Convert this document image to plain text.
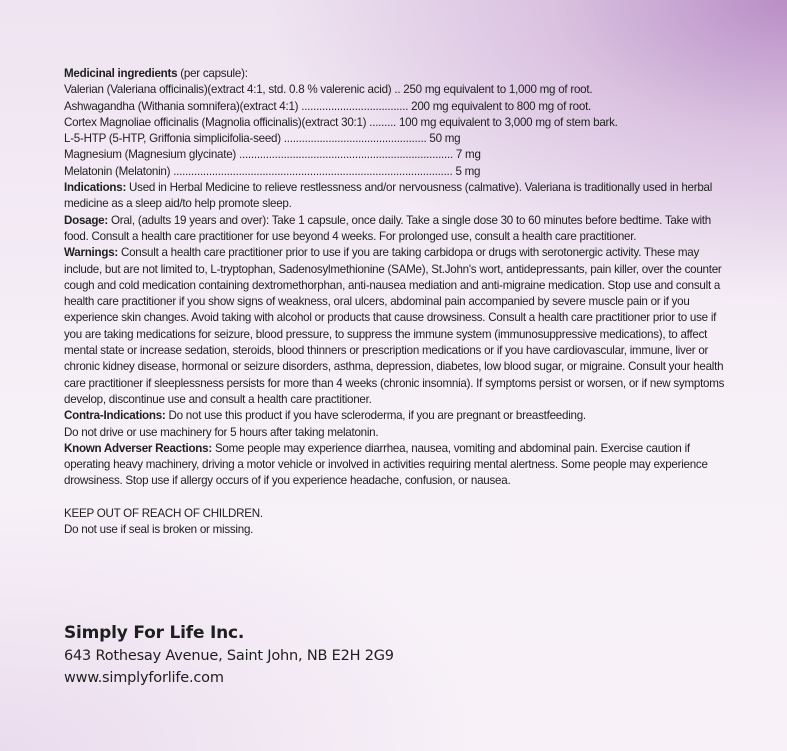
Medicinal ingredients (per capsule):
Valerian (Valeriana officinalis)(extract 4:1, std. 0.8 % valerenic acid) .. 250 mg equivalent to 1,000 mg of root.
Ashwagandha (Withania somnifera)(extract 4:1) .................................... 200 mg equivalent to 800 mg of root.
Cortex Magnoliae officinalis (Magnolia officinalis)(extract 30:1) ......... 100 mg equivalent to 3,000 mg of stem bark.
L-5-HTP (5-HTP, Griffonia simplicifolia-seed) ................................................ 50 mg
Magnesium (Magnesium glycinate) ........................................................................ 7 mg
Melatonin (Melatonin) .............................................................................................. 5 mg

Indications: Used in Herbal Medicine to relieve restlessness and/or nervousness (calmative). Valeriana is traditionally used in herbal medicine as a sleep aid/to help promote sleep.

Dosage: Oral, (adults 19 years and over): Take 1 capsule, once daily. Take a single dose 30 to 60 minutes before bedtime. Take with food. Consult a health care practitioner for use beyond 4 weeks. For prolonged use, consult a health care practitioner.

Warnings: Consult a health care practitioner prior to use if you are taking carbidopa or drugs with serotonergic activity. These may include, but are not limited to, L-tryptophan, Sadenosylmethionine (SAMe), St.John's wort, antidepressants, pain killer, over the counter cough and cold medication containing dextromethorphan, anti-nausea mediation and anti-migraine medication. Stop use and consult a health care practitioner if you show signs of weakness, oral ulcers, abdominal pain accompanied by severe muscle pain or if you experience skin changes. Avoid taking with alcohol or products that cause drowsiness. Consult a health care practitioner prior to use if you are taking medications for seizure, blood pressure, to suppress the immune system (immunosuppressive medications), to affect mental state or increase sedation, steroids, blood thinners or prescription medications or if you have cardiovascular, immune, liver or chronic kidney disease, hormonal or seizure disorders, asthma, depression, diabetes, low blood sugar, or migraine. Consult your health care practitioner if sleeplessness persists for more than 4 weeks (chronic insomnia). If symptoms persist or worsen, or if new symptoms develop, discontinue use and consult a health care practitioner.

Contra-Indications: Do not use this product if you have scleroderma, if you are pregnant or breastfeeding.

Do not drive or use machinery for 5 hours after taking melatonin.

Known Adverser Reactions: Some people may experience diarrhea, nausea, vomiting and abdominal pain. Exercise caution if operating heavy machinery, driving a motor vehicle or involved in activities requiring mental alertness. Some people may experience drowsiness. Stop use if allergy occurs of if you experience headache, confusion, or nausea.

KEEP OUT OF REACH OF CHILDREN.
Do not use if seal is broken or missing.
Simply For Life Inc.
643 Rothesay Avenue, Saint John, NB E2H 2G9
www.simplyforlife.com
